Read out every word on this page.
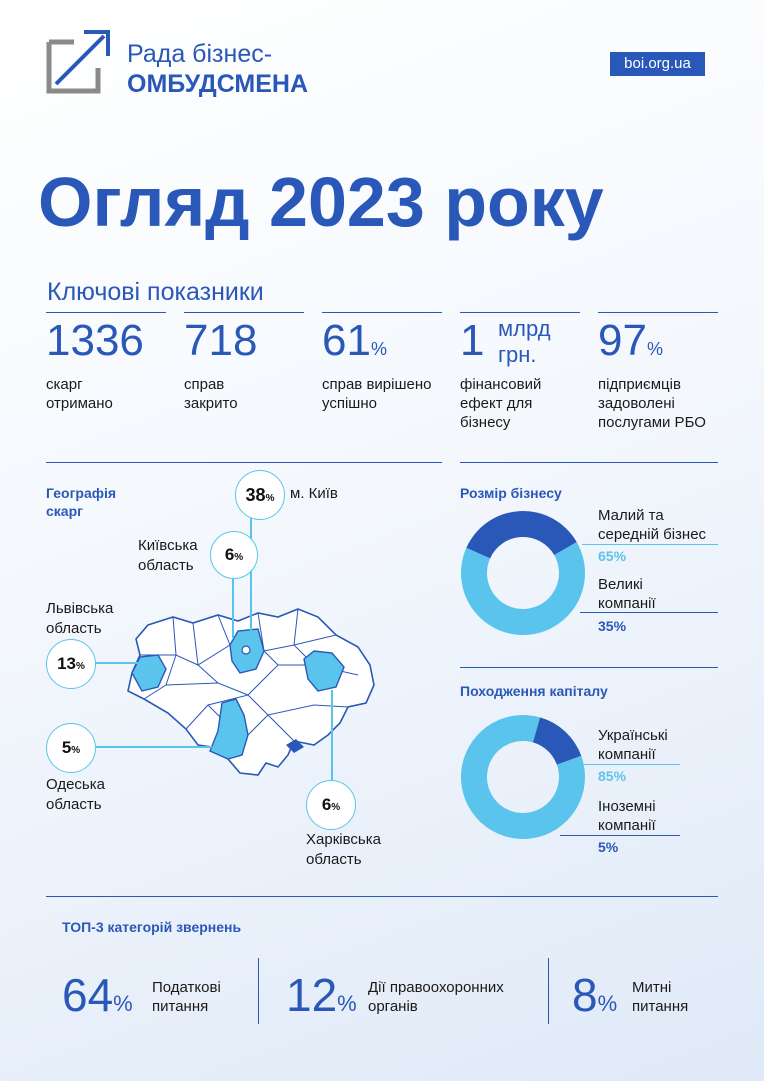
Рада бізнес-
ОМБУДСМЕНА
boi.org.ua
Огляд 2023 року
Ключові показники
1336
скарг
отримано
718
справ
закрито
61%
справ вирішено
успішно
1 млрд
грн.
фінансовий
ефект для
бізнесу
97%
підприємців
задоволені
послугами РБО
Географія
скарг
38%	м. Київ
6%
Київська
область
Львівська
область
13%
5%
Одеська
область	6%
Харківська
область
Розмір бізнесу
Малий та
середній бізнес
65%
Великі
компанії
35%
Походження капіталу
Українські
компанії
85%
Іноземні
компанії
5%
ТОП-3 категорій звернень
64%
Податкові
питання 12%
Дії правоохоронних
органів	8%
Митні
питання
